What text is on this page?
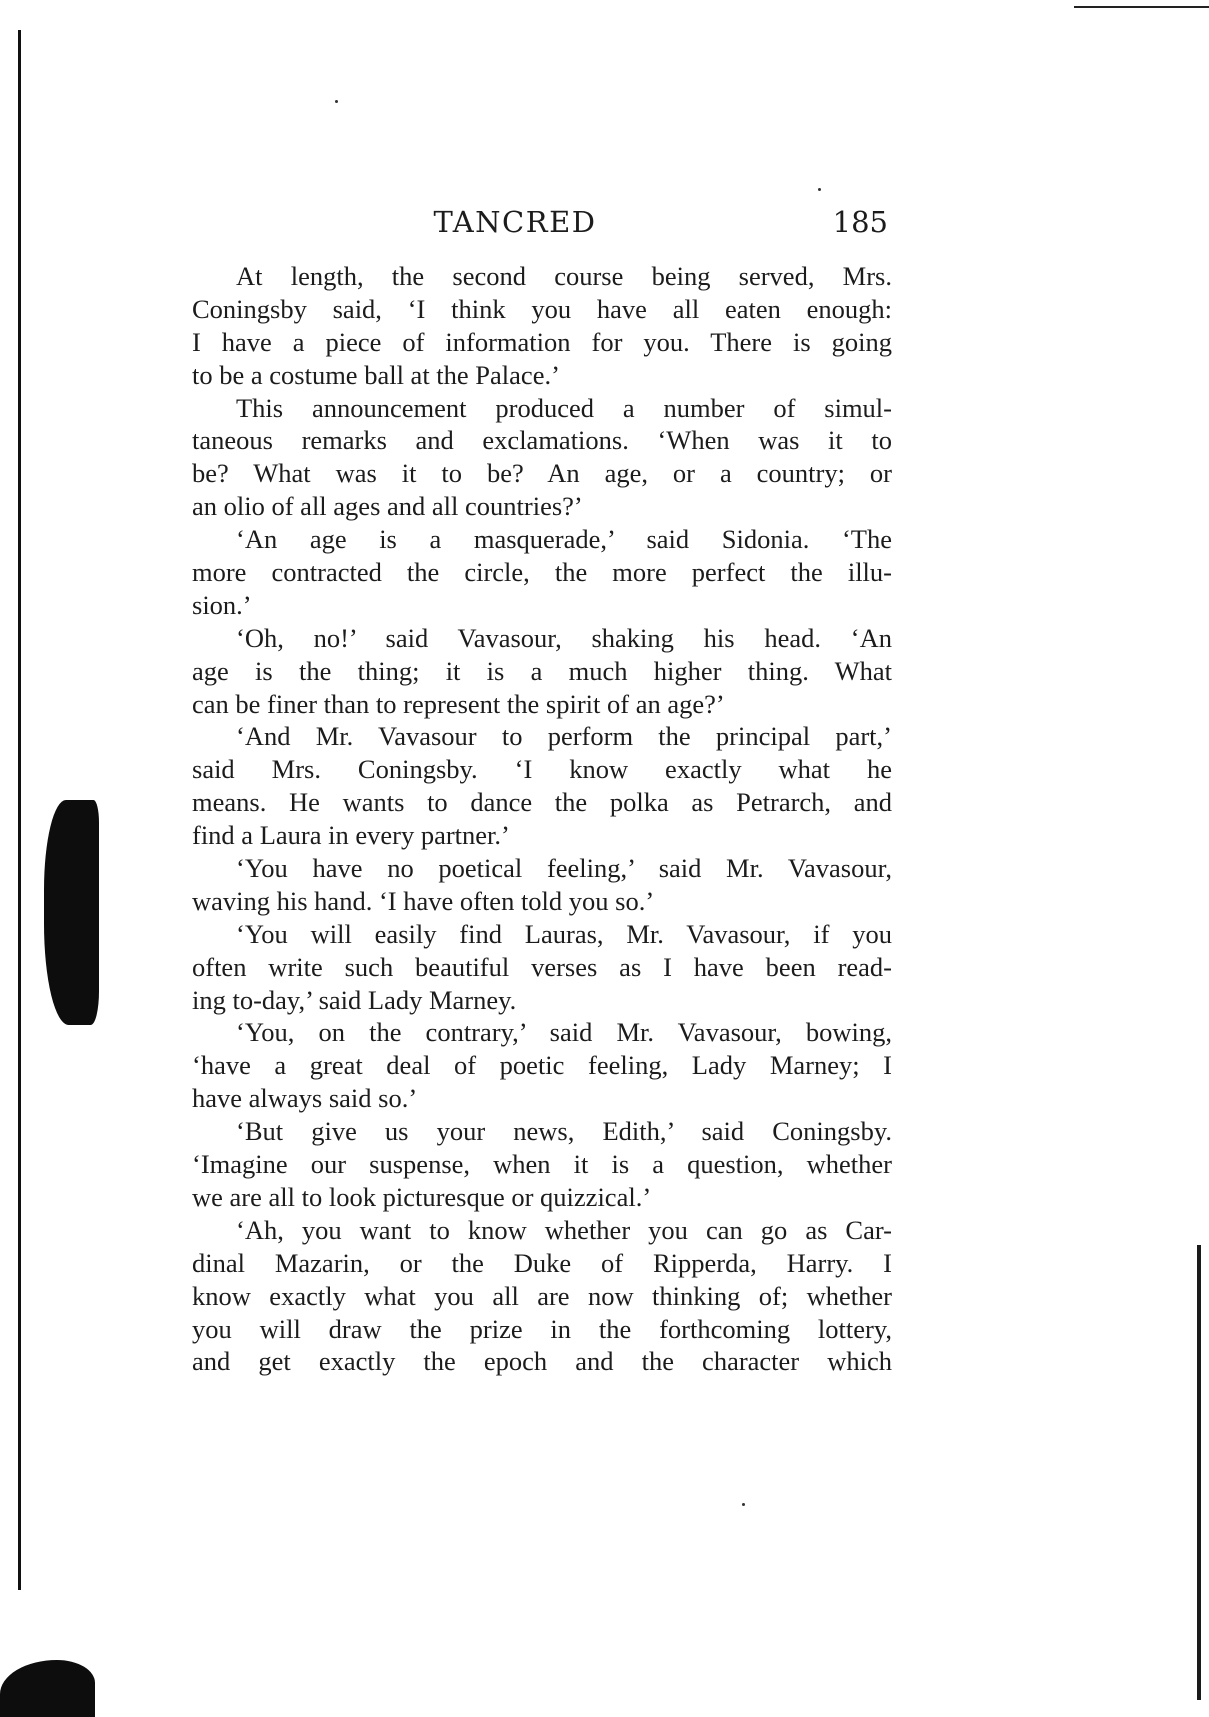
TANCRED	185

At length, the second course being served, Mrs.
Coningsby said, ‘I think you have all eaten enough:
I have a piece of information for you. There is going
to be a costume ball at the Palace.’

This announcement produced a number of simul-
taneous remarks and exclamations. ‘When was it to
be? What was it to be? An age, or a country; or
an olio of all ages and all countries?’

‘An age is a masquerade,’ said Sidonia. ‘The
more contracted the circle, the more perfect the illu-
sion.’

‘Oh, no!’ said Vavasour, shaking his head. ‘An
age is the thing; it is a much higher thing. What
can be finer than to represent the spirit of an age?’

‘And Mr. Vavasour to perform the principal part,’
said Mrs. Coningsby. ‘I know exactly what he
means. He wants to dance the polka as Petrarch, and
find a Laura in every partner.’

‘You have no poetical feeling,’ said Mr. Vavasour,
waving his hand. ‘I have often told you so.’

‘You will easily find Lauras, Mr. Vavasour, if you
often write such beautiful verses as I have been read-
ing to-day,’ said Lady Marney.

‘You, on the contrary,’ said Mr. Vavasour, bowing,
‘have a great deal of poetic feeling, Lady Marney; I
have always said so.’

‘But give us your news, Edith,’ said Coningsby.
‘Imagine our suspense, when it is a question, whether
we are all to look picturesque or quizzical.’

‘Ah, you want to know whether you can go as Car-
dinal Mazarin, or the Duke of Ripperda, Harry. I
know exactly what you all are now thinking of; whether
you will draw the prize in the forthcoming lottery,
and get exactly the epoch and the character which
